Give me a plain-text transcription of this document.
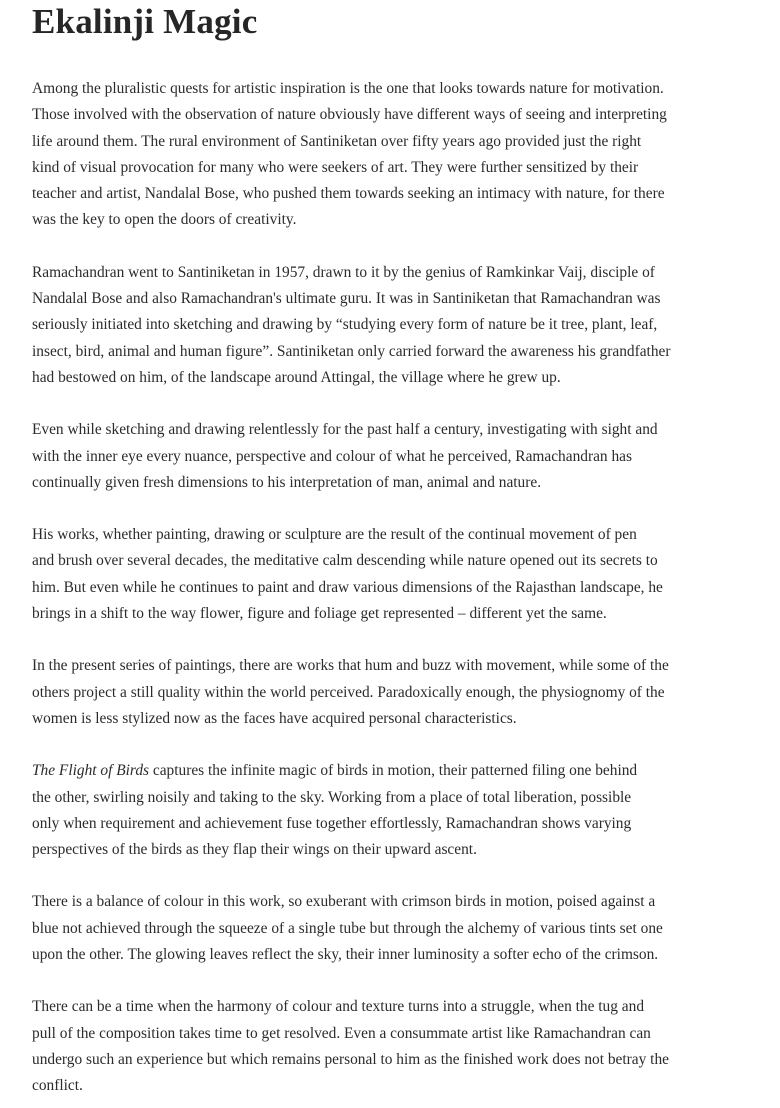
Ekalinji Magic

Among the pluralistic quests for artistic inspiration is the one that looks towards nature for motivation.
Those involved with the observation of nature obviously have different ways of seeing and interpreting
life around them. The rural environment of Santiniketan over fifty years ago provided just the right
kind of visual provocation for many who were seekers of art. They were further sensitized by their
teacher and artist, Nandalal Bose, who pushed them towards seeking an intimacy with nature, for there
was the key to open the doors of creativity.

Ramachandran went to Santiniketan in 1957, drawn to it by the genius of Ramkinkar Vaij, disciple of
Nandalal Bose and also Ramachandran's ultimate guru. It was in Santiniketan that Ramachandran was
seriously initiated into sketching and drawing by “studying every form of nature be it tree, plant, leaf,
insect, bird, animal and human figure”. Santiniketan only carried forward the awareness his grandfather
had bestowed on him, of the landscape around Attingal, the village where he grew up.

Even while sketching and drawing relentlessly for the past half a century, investigating with sight and
with the inner eye every nuance, perspective and colour of what he perceived, Ramachandran has
continually given fresh dimensions to his interpretation of man, animal and nature.

His works, whether painting, drawing or sculpture are the result of the continual movement of pen
and brush over several decades, the meditative calm descending while nature opened out its secrets to
him. But even while he continues to paint and draw various dimensions of the Rajasthan landscape, he
brings in a shift to the way flower, figure and foliage get represented – different yet the same.

In the present series of paintings, there are works that hum and buzz with movement, while some of the
others project a still quality within the world perceived. Paradoxically enough, the physiognomy of the
women is less stylized now as the faces have acquired personal characteristics.

The Flight of Birds captures the infinite magic of birds in motion, their patterned filing one behind
the other, swirling noisily and taking to the sky. Working from a place of total liberation, possible
only when requirement and achievement fuse together effortlessly, Ramachandran shows varying
perspectives of the birds as they flap their wings on their upward ascent.

There is a balance of colour in this work, so exuberant with crimson birds in motion, poised against a
blue not achieved through the squeeze of a single tube but through the alchemy of various tints set one
upon the other. The glowing leaves reflect the sky, their inner luminosity a softer echo of the crimson.

There can be a time when the harmony of colour and texture turns into a struggle, when the tug and
pull of the composition takes time to get resolved. Even a consummate artist like Ramachandran can
undergo such an experience but which remains personal to him as the finished work does not betray the
conflict.
